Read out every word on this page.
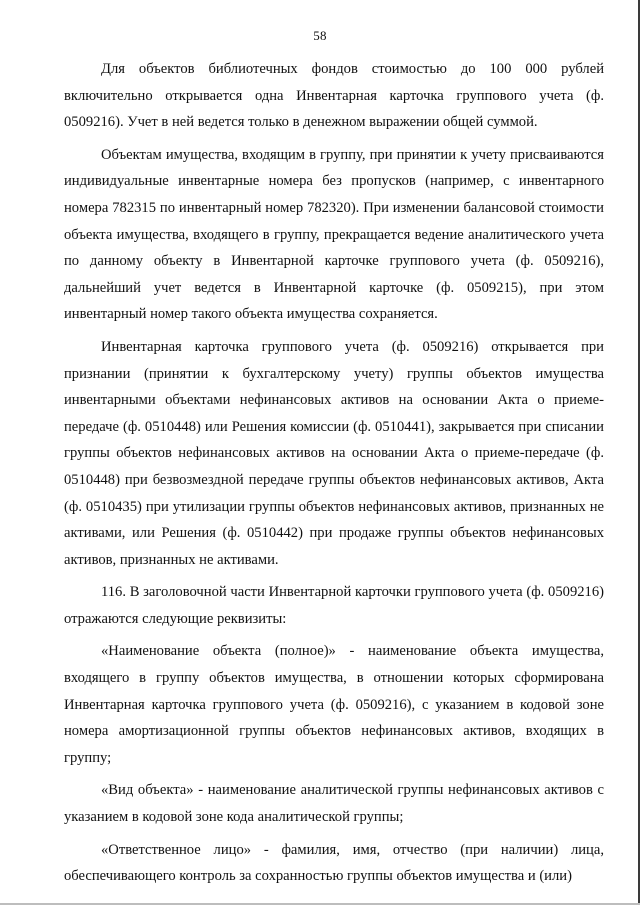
58

Для объектов библиотечных фондов стоимостью до 100 000 рублей включительно открывается одна Инвентарная карточка группового учета (ф. 0509216). Учет в ней ведется только в денежном выражении общей суммой.

Объектам имущества, входящим в группу, при принятии к учету присваиваются индивидуальные инвентарные номера без пропусков (например, с инвентарного номера 782315 по инвентарный номер 782320). При изменении балансовой стоимости объекта имущества, входящего в группу, прекращается ведение аналитического учета по данному объекту в Инвентарной карточке группового учета (ф. 0509216), дальнейший учет ведется в Инвентарной карточке (ф. 0509215), при этом инвентарный номер такого объекта имущества сохраняется.

Инвентарная карточка группового учета (ф. 0509216) открывается при признании (принятии к бухгалтерскому учету) группы объектов имущества инвентарными объектами нефинансовых активов на основании Акта о приеме-передаче (ф. 0510448) или Решения комиссии (ф. 0510441), закрывается при списании группы объектов нефинансовых активов на основании Акта о приеме-передаче (ф. 0510448) при безвозмездной передаче группы объектов нефинансовых активов, Акта (ф. 0510435) при утилизации группы объектов нефинансовых активов, признанных не активами, или Решения (ф. 0510442) при продаже группы объектов нефинансовых активов, признанных не активами.

116. В заголовочной части Инвентарной карточки группового учета (ф. 0509216) отражаются следующие реквизиты:

«Наименование объекта (полное)» - наименование объекта имущества, входящего в группу объектов имущества, в отношении которых сформирована Инвентарная карточка группового учета (ф. 0509216), с указанием в кодовой зоне номера амортизационной группы объектов нефинансовых активов, входящих в группу;

«Вид объекта» - наименование аналитической группы нефинансовых активов с указанием в кодовой зоне кода аналитической группы;

«Ответственное лицо» - фамилия, имя, отчество (при наличии) лица, обеспечивающего контроль за сохранностью группы объектов имущества и (или)
